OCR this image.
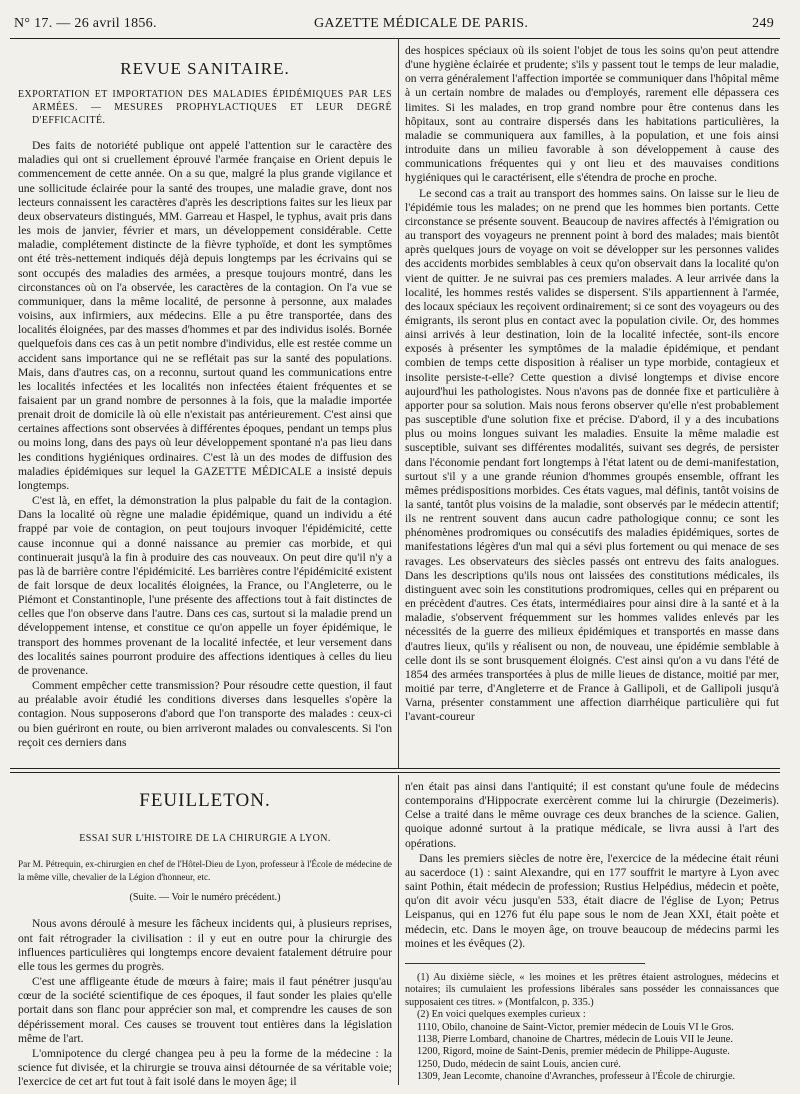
N° 17. — 26 avril 1856.	GAZETTE MÉDICALE DE PARIS.	249
REVUE SANITAIRE.
EXPORTATION ET IMPORTATION DES MALADIES ÉPIDÉMIQUES PAR LES ARMÉES. — MESURES PROPHYLACTIQUES ET LEUR DEGRÉ D'EFFICACITÉ.

Des faits de notoriété publique ont appelé l'attention sur le caractère des maladies qui ont si cruellement éprouvé l'armée française en Orient depuis le commencement de cette année. On a su que, malgré la plus grande vigilance et une sollicitude éclairée pour la santé des troupes, une maladie grave, dont nos lecteurs connaissent les caractères d'après les descriptions faites sur les lieux par deux observateurs distingués, MM. Garreau et Haspel, le typhus, avait pris dans les mois de janvier, février et mars, un développement considérable. Cette maladie, complétement distincte de la fièvre typhoïde, et dont les symptômes ont été très-nettement indiqués déjà depuis longtemps par les écrivains qui se sont occupés des maladies des armées, a presque toujours montré, dans les circonstances où on l'a observée, les caractères de la contagion. On l'a vue se communiquer, dans la même localité, de personne à personne, aux malades voisins, aux infirmiers, aux médecins. Elle a pu être transportée, dans des localités éloignées, par des masses d'hommes et par des individus isolés. Bornée quelquefois dans ces cas à un petit nombre d'individus, elle est restée comme un accident sans importance qui ne se reflétait pas sur la santé des populations. Mais, dans d'autres cas, on a reconnu, surtout quand les communications entre les localités infectées et les localités non infectées étaient fréquentes et se faisaient par un grand nombre de personnes à la fois, que la maladie importée prenait droit de domicile là où elle n'existait pas antérieurement. C'est ainsi que certaines affections sont observées à différentes époques, pendant un temps plus ou moins long, dans des pays où leur développement spontané n'a pas lieu dans les conditions hygiéniques ordinaires. C'est là un des modes de diffusion des maladies épidémiques sur lequel la GAZETTE MÉDICALE a insisté depuis longtemps.

C'est là, en effet, la démonstration la plus palpable du fait de la contagion. Dans la localité où règne une maladie épidémique, quand un individu a été frappé par voie de contagion, on peut toujours invoquer l'épidémicité, cette cause inconnue qui a donné naissance au premier cas morbide, et qui continuerait jusqu'à la fin à produire des cas nouveaux. On peut dire qu'il n'y a pas là de barrière contre l'épidémicité. Les barrières contre l'épidémicité existent de fait lorsque de deux localités éloignées, la France, ou l'Angleterre, ou le Piémont et Constantinople, l'une présente des affections tout à fait distinctes de celles que l'on observe dans l'autre. Dans ces cas, surtout si la maladie prend un développement intense, et constitue ce qu'on appelle un foyer épidémique, le transport des hommes provenant de la localité infectée, et leur versement dans des localités saines pourront produire des affections identiques à celles du lieu de provenance.

Comment empêcher cette transmission? Pour résoudre cette question, il faut au préalable avoir étudié les conditions diverses dans lesquelles s'opère la contagion. Nous supposerons d'abord que l'on transporte des malades : ceux-ci ou bien guériront en route, ou bien arriveront malades ou convalescents. Si l'on reçoit ces derniers dans

des hospices spéciaux où ils soient l'objet de tous les soins qu'on peut attendre d'une hygiène éclairée et prudente; s'ils y passent tout le temps de leur maladie, on verra généralement l'affection importée se communiquer dans l'hôpital même à un certain nombre de malades ou d'employés, rarement elle dépassera ces limites. Si les malades, en trop grand nombre pour être contenus dans les hôpitaux, sont au contraire dispersés dans les habitations particulières, la maladie se communiquera aux familles, à la population, et une fois ainsi introduite dans un milieu favorable à son développement à cause des communications fréquentes qui y ont lieu et des mauvaises conditions hygiéniques qui le caractérisent, elle s'étendra de proche en proche.

Le second cas a trait au transport des hommes sains. On laisse sur le lieu de l'épidémie tous les malades; on ne prend que les hommes bien portants. Cette circonstance se présente souvent. Beaucoup de navires affectés à l'émigration ou au transport des voyageurs ne prennent point à bord des malades; mais bientôt après quelques jours de voyage on voit se développer sur les personnes valides des accidents morbides semblables à ceux qu'on observait dans la localité qu'on vient de quitter. Je ne suivrai pas ces premiers malades. A leur arrivée dans la localité, les hommes restés valides se dispersent. S'ils appartiennent à l'armée, des locaux spéciaux les reçoivent ordinairement; si ce sont des voyageurs ou des émigrants, ils seront plus en contact avec la population civile. Or, des hommes ainsi arrivés à leur destination, loin de la localité infectée, sont-ils encore exposés à présenter les symptômes de la maladie épidémique, et pendant combien de temps cette disposition à réaliser un type morbide, contagieux et insolite persiste-t-elle? Cette question a divisé longtemps et divise encore aujourd'hui les pathologistes. Nous n'avons pas de donnée fixe et particulière à apporter pour sa solution. Mais nous ferons observer qu'elle n'est probablement pas susceptible d'une solution fixe et précise. D'abord, il y a des incubations plus ou moins longues suivant les maladies. Ensuite la même maladie est susceptible, suivant ses différentes modalités, suivant ses degrés, de persister dans l'économie pendant fort longtemps à l'état latent ou de demi-manifestation, surtout s'il y a une grande réunion d'hommes groupés ensemble, offrant les mêmes prédispositions morbides. Ces états vagues, mal définis, tantôt voisins de la santé, tantôt plus voisins de la maladie, sont observés par le médecin attentif; ils ne rentrent souvent dans aucun cadre pathologique connu; ce sont les phénomènes prodromiques ou consécutifs des maladies épidémiques, sortes de manifestations légères d'un mal qui a sévi plus fortement ou qui menace de ses ravages. Les observateurs des siècles passés ont entrevu des faits analogues. Dans les descriptions qu'ils nous ont laissées des constitutions médicales, ils distinguent avec soin les constitutions prodromiques, celles qui en préparent ou en précèdent d'autres. Ces états, intermédiaires pour ainsi dire à la santé et à la maladie, s'observent fréquemment sur les hommes valides enlevés par les nécessités de la guerre des milieux épidémiques et transportés en masse dans d'autres lieux, qu'ils y réalisent ou non, de nouveau, une épidémie semblable à celle dont ils se sont brusquement éloignés. C'est ainsi qu'on a vu dans l'été de 1854 des armées transportées à plus de mille lieues de distance, moitié par mer, moitié par terre, d'Angleterre et de France à Gallipoli, et de Gallipoli jusqu'à Varna, présenter constamment une affection diarrhéique particulière qui fut l'avant-coureur

FEUILLETON.
ESSAI SUR L'HISTOIRE DE LA CHIRURGIE A LYON.
Par M. Pétrequin, ex-chirurgien en chef de l'Hôtel-Dieu de Lyon, professeur à l'École de médecine de la même ville, chevalier de la Légion d'honneur, etc.
(Suite. — Voir le numéro précédent.)

Nous avons déroulé à mesure les fâcheux incidents qui, à plusieurs reprises, ont fait rétrograder la civilisation : il y eut en outre pour la chirurgie des influences particulières qui longtemps encore devaient fatalement détruire pour elle tous les germes du progrès.

C'est une affligeante étude de mœurs à faire; mais il faut pénétrer jusqu'au cœur de la société scientifique de ces époques, il faut sonder les plaies qu'elle portait dans son flanc pour apprécier son mal, et comprendre les causes de son dépérissement moral. Ces causes se trouvent tout entières dans la législation même de l'art.

L'omnipotence du clergé changea peu à peu la forme de la médecine : la science fut divisée, et la chirurgie se trouva ainsi détournée de sa véritable voie; l'exercice de cet art fut tout à fait isolé dans le moyen âge; il

n'en était pas ainsi dans l'antiquité; il est constant qu'une foule de médecins contemporains d'Hippocrate exercèrent comme lui la chirurgie (Dezeimeris). Celse a traité dans le même ouvrage ces deux branches de la science. Galien, quoique adonné surtout à la pratique médicale, se livra aussi à l'art des opérations.

Dans les premiers siècles de notre ère, l'exercice de la médecine était réuni au sacerdoce (1) : saint Alexandre, qui en 177 souffrit le martyre à Lyon avec saint Pothin, était médecin de profession; Rustius Helpédius, médecin et poète, qu'on dit avoir vécu jusqu'en 533, était diacre de l'église de Lyon; Petrus Leispanus, qui en 1276 fut élu pape sous le nom de Jean XXI, était poète et médecin, etc. Dans le moyen âge, on trouve beaucoup de médecins parmi les moines et les évêques (2).

(1) Au dixième siècle, « les moines et les prêtres étaient astrologues, médecins et notaires; ils cumulaient les professions libérales sans posséder les connaissances que supposaient ces titres. » (Montfalcon, p. 335.)

(2) En voici quelques exemples curieux :

1110, Obilo, chanoine de Saint-Victor, premier médecin de Louis VI le Gros.

1138, Pierre Lombard, chanoine de Chartres, médecin de Louis VII le Jeune.

1200, Rigord, moine de Saint-Denis, premier médecin de Philippe-Auguste.

1250, Dudo, médecin de saint Louis, ancien curé.

1309, Jean Lecomte, chanoine d'Avranches, professeur à l'École de chirurgie.
